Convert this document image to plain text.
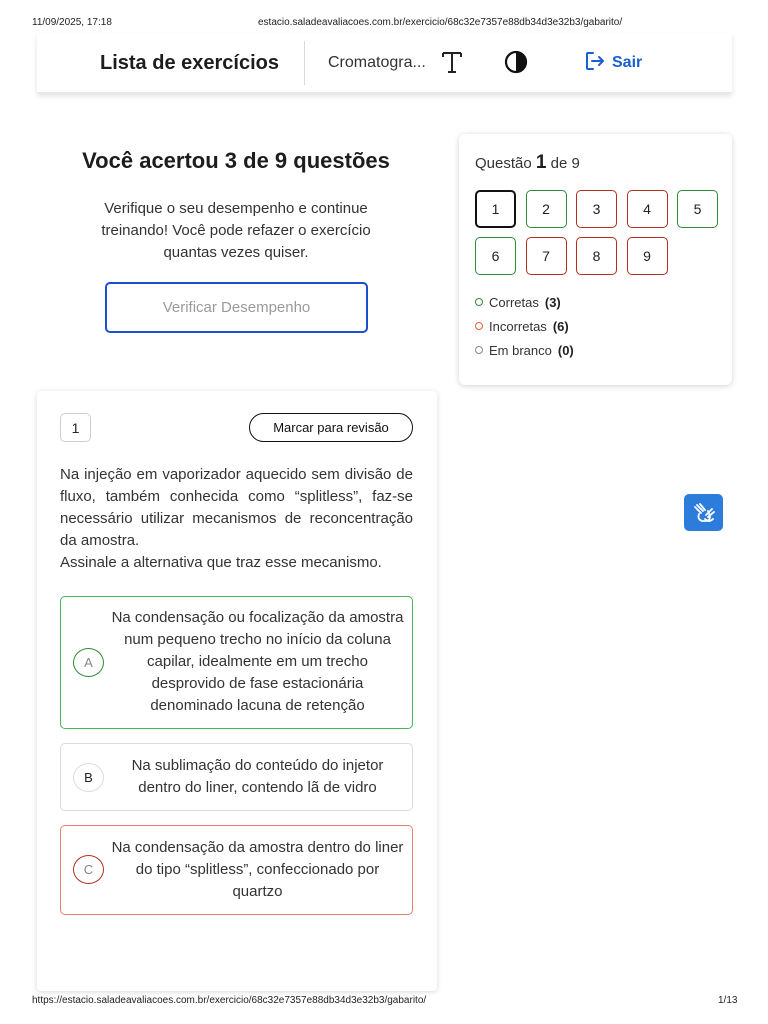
11/09/2025, 17:18	estacio.saladeavaliacoes.com.br/exercicio/68c32e7357e88db34d3e32b3/gabarito/
Lista de exercícios	Cromatogra...	Sair
Você acertou 3 de 9 questões

Verifique o seu desempenho e continue treinando! Você pode refazer o exercício quantas vezes quiser.

Verificar Desempenho
Questão 1 de 9
1	2	3	4	5
6	7	8	9
Corretas (3)
Incorretas (6)
Em branco (0)
1	Marcar para revisão

Na injeção em vaporizador aquecido sem divisão de fluxo, também conhecida como “splitless”, faz-se necessário utilizar mecanismos de reconcentração da amostra.

Assinale a alternativa que traz esse mecanismo.

A
Na condensação ou focalização da amostra num pequeno trecho no início da coluna capilar, idealmente em um trecho desprovido de fase estacionária denominado lacuna de retenção
B
Na sublimação do conteúdo do injetor dentro do liner, contendo lã de vidro
C
Na condensação da amostra dentro do liner do tipo “splitless”, confeccionado por quartzo
https://estacio.saladeavaliacoes.com.br/exercicio/68c32e7357e88db34d3e32b3/gabarito/	1/13
